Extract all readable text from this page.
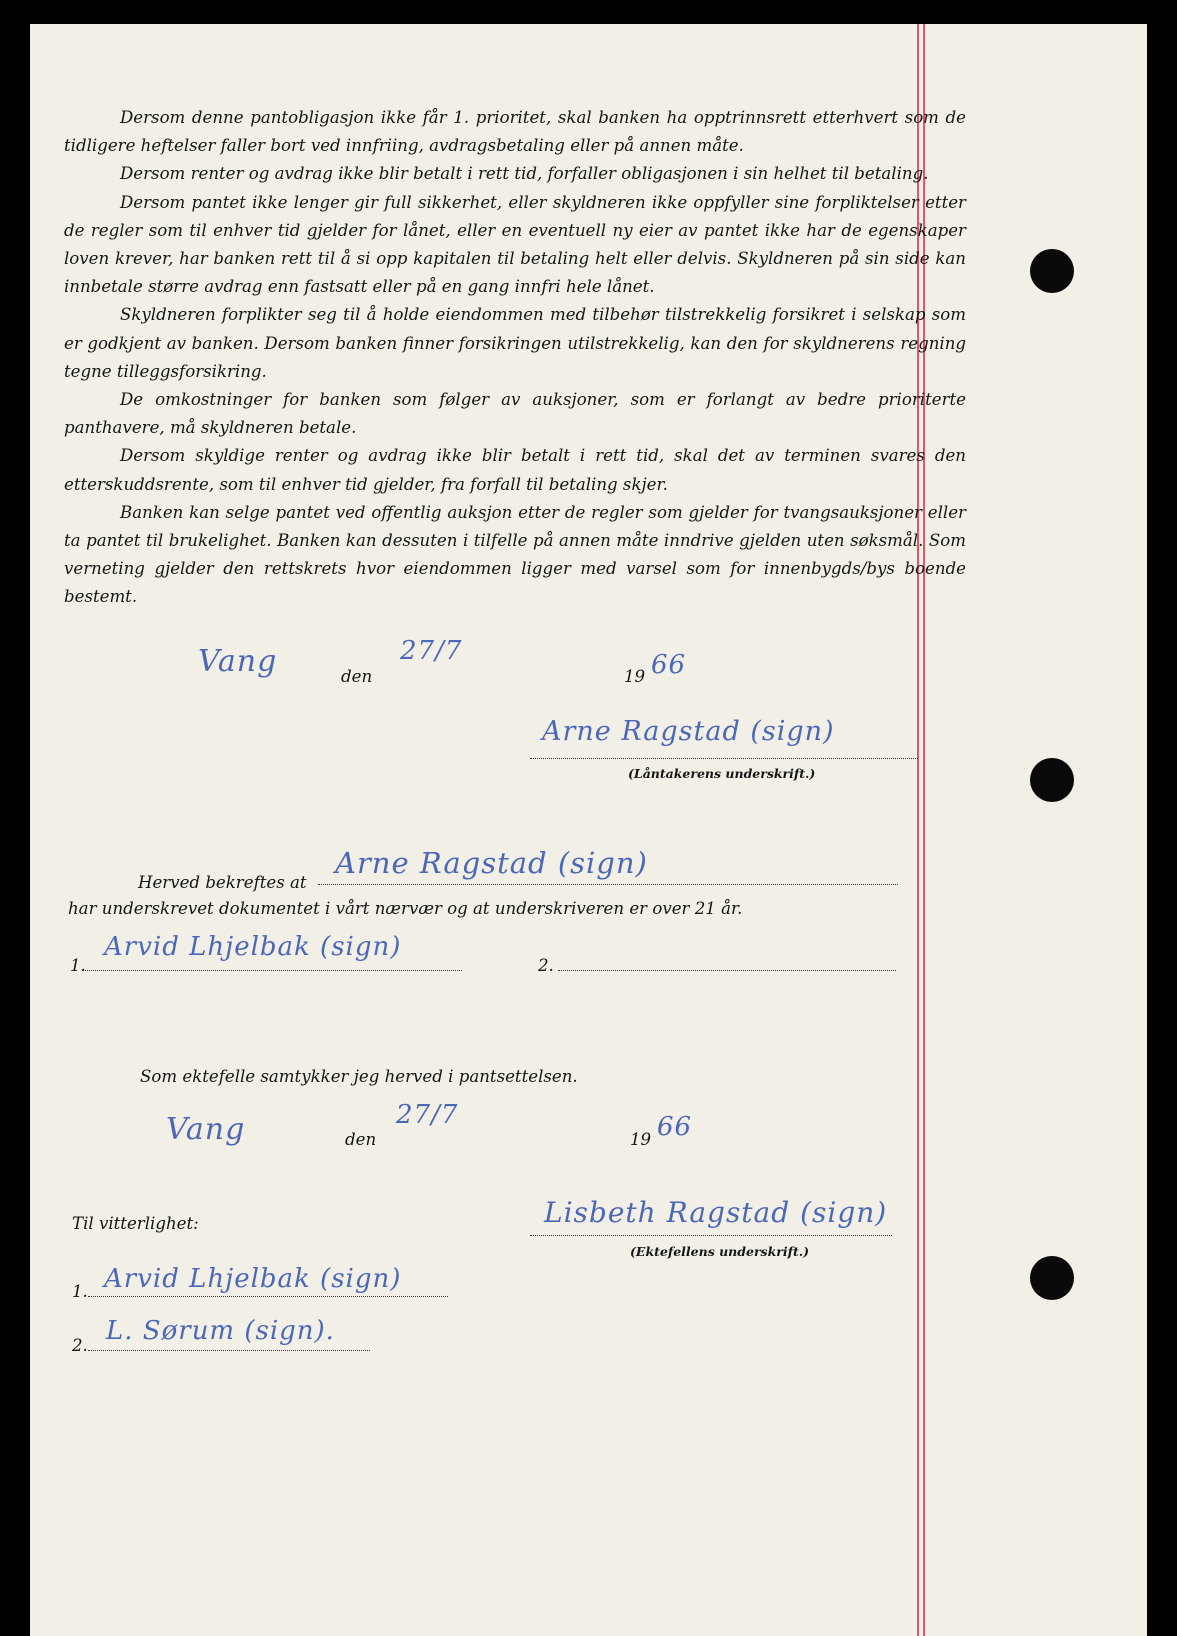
Dersom denne pantobligasjon ikke får 1. prioritet, skal banken ha opptrinnsrett etterhvert som de tidligere heftelser faller bort ved innfriing, avdragsbetaling eller på annen måte.

Dersom renter og avdrag ikke blir betalt i rett tid, forfaller obligasjonen i sin helhet til betaling.

Dersom pantet ikke lenger gir full sikkerhet, eller skyldneren ikke oppfyller sine forpliktelser etter de regler som til enhver tid gjelder for lånet, eller en eventuell ny eier av pantet ikke har de egenskaper loven krever, har banken rett til å si opp kapitalen til betaling helt eller delvis. Skyldneren på sin side kan innbetale større avdrag enn fastsatt eller på en gang innfri hele lånet.

Skyldneren forplikter seg til å holde eiendommen med tilbehør tilstrekkelig forsikret i selskap som er godkjent av banken. Dersom banken finner forsikringen utilstrekkelig, kan den for skyldnerens regning tegne tilleggsforsikring.

De omkostninger for banken som følger av auksjoner, som er forlangt av bedre prioriterte panthavere, må skyldneren betale.

Dersom skyldige renter og avdrag ikke blir betalt i rett tid, skal det av terminen svares den etterskuddsrente, som til enhver tid gjelder, fra forfall til betaling skjer.

Banken kan selge pantet ved offentlig auksjon etter de regler som gjelder for tvangsauksjoner eller ta pantet til brukelighet. Banken kan dessuten i tilfelle på annen måte inndrive gjelden uten søksmål. Som verneting gjelder den rettskrets hvor eiendommen ligger med varsel som for innenbygds/bys boende bestemt.

Vang	den
27/7
19 66
Arne Ragstad (sign)
(Låntakerens underskrift.)
Herved bekreftes at
Arne Ragstad (sign)
har underskrevet dokumentet i vårt nærvær og at underskriveren er over 21 år.
1.
Arvid Lhjelbak (sign)
2.
Som ektefelle samtykker jeg herved i pantsettelsen.
Vang	den
27/7
19 66
Til vitterlighet:	Lisbeth Ragstad (sign)
(Ektefellens underskrift.)
1. Arvid Lhjelbak (sign)
2. L. Sørum (sign).
